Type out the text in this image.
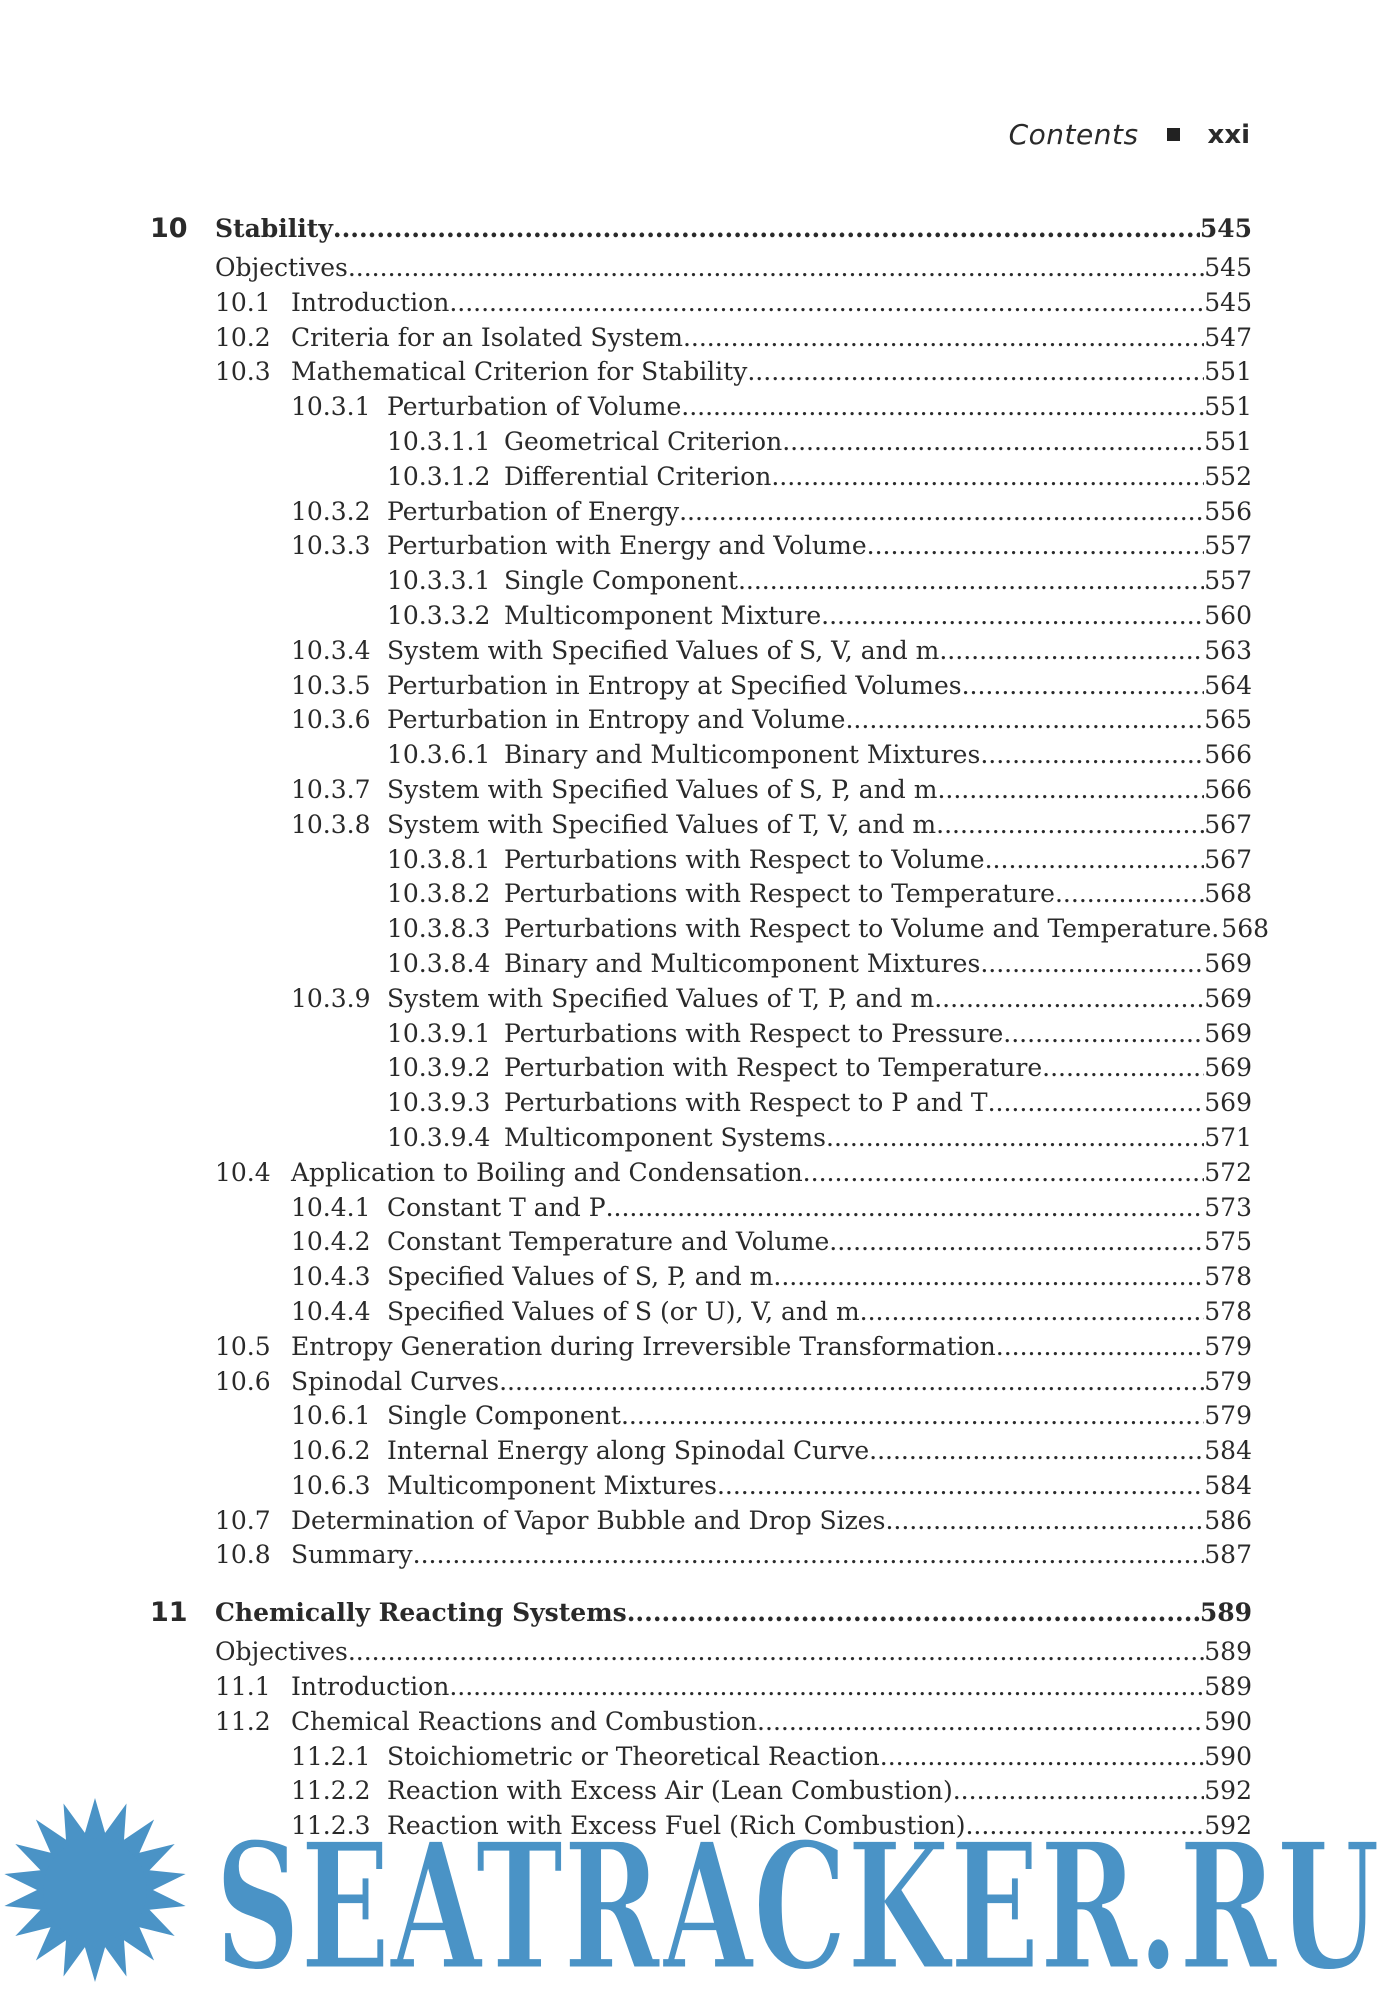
Contents	xxi
10	Stability .....	545
Objectives .....	545
10.1 Introduction .....	545
10.2 Criteria for an Isolated System .....	547
10.3 Mathematical Criterion for Stability .....	551
10.3.1 Perturbation of Volume .....	551
10.3.1.1 Geometrical Criterion .....	551
10.3.1.2 Differential Criterion .....	552
10.3.2 Perturbation of Energy .....	556
10.3.3 Perturbation with Energy and Volume .....	557
10.3.3.1 Single Component .....	557
10.3.3.2 Multicomponent Mixture .....	560
10.3.4 System with Specified Values of S, V, and m .....	563
10.3.5 Perturbation in Entropy at Specified Volumes .....	564
10.3.6 Perturbation in Entropy and Volume .....	565
10.3.6.1 Binary and Multicomponent Mixtures .....	566
10.3.7 System with Specified Values of S, P, and m .....	566
10.3.8 System with Specified Values of T, V, and m .....	567
10.3.8.1 Perturbations with Respect to Volume .....	567
10.3.8.2 Perturbations with Respect to Temperature .....	568
10.3.8.3 Perturbations with Respect to Volume and Temperature ..... 568
10.3.8.4 Binary and Multicomponent Mixtures .....	569
10.3.9 System with Specified Values of T, P, and m .....	569
10.3.9.1 Perturbations with Respect to Pressure .....	569
10.3.9.2 Perturbation with Respect to Temperature .....	569
10.3.9.3 Perturbations with Respect to P and T .....	569
10.3.9.4 Multicomponent Systems .....	571
10.4 Application to Boiling and Condensation .....	572
10.4.1 Constant T and P .....	573
10.4.2 Constant Temperature and Volume .....	575
10.4.3 Specified Values of S, P, and m .....	578
10.4.4 Specified Values of S (or U), V, and m .....	578
10.5 Entropy Generation during Irreversible Transformation .....	579
10.6 Spinodal Curves .....	579
10.6.1 Single Component .....	579
10.6.2 Internal Energy along Spinodal Curve .....	584
10.6.3 Multicomponent Mixtures .....	584
10.7 Determination of Vapor Bubble and Drop Sizes .....	586
10.8 Summary .....	587
11	Chemically Reacting Systems .....	589
Objectives .....	589
11.1 Introduction .....	589
11.2 Chemical Reactions and Combustion .....	590
11.2.1 Stoichiometric or Theoretical Reaction .....	590
11.2.2 Reaction with Excess Air (Lean Combustion) .....	592
11.2.3 Reaction with Excess Fuel (Rich Combustion) .....	592
SEATRACKER.RU
